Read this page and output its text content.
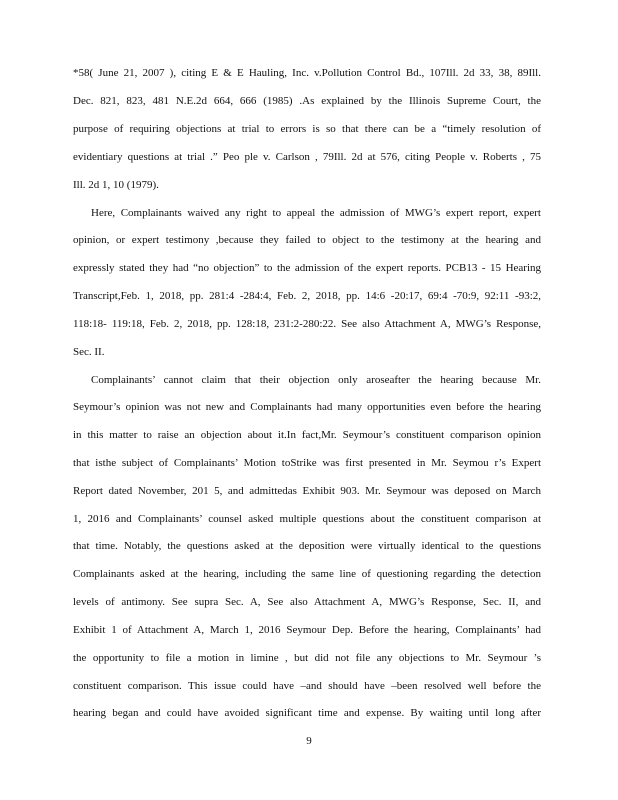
*58( June 21, 2007 ), citing E & E Hauling, Inc. v.Pollution Control Bd., 107Ill. 2d 33, 38, 89Ill.
Dec. 821, 823, 481 N.E.2d 664, 666 (1985) .As explained by the Illinois Supreme Court, the
purpose of requiring objections at trial to errors is so that there can be a “timely resolution of
evidentiary questions at trial .” Peo ple v. Carlson , 79Ill. 2d at 576, citing People v. Roberts , 75
Ill. 2d 1, 10 (1979).
Here, Complainants waived any right to appeal the admission of MWG’s expert report, expert
opinion, or expert testimony ,because they failed to object to the testimony at the hearing and
expressly stated they had “no objection” to the admission of the expert reports. PCB13 - 15 Hearing
Transcript,Feb. 1, 2018, pp. 281:4 -284:4, Feb. 2, 2018, pp. 14:6 -20:17, 69:4 -70:9, 92:11 -93:2,
118:18- 119:18, Feb. 2, 2018, pp. 128:18, 231:2-280:22. See also Attachment A, MWG’s Response,
Sec. II.
Complainants’ cannot claim that their objection only aroseafter the hearing because Mr.
Seymour’s opinion was not new and Complainants had many opportunities even before the hearing
in this matter to raise an objection about it.In fact,Mr. Seymour’s constituent comparison opinion
that isthe subject of Complainants’ Motion toStrike was first presented in Mr. Seymou r’s Expert
Report dated November, 201 5, and admittedas Exhibit 903. Mr. Seymour was deposed on March
1, 2016 and Complainants’ counsel asked multiple questions about the constituent comparison at
that time. Notably, the questions asked at the deposition were virtually identical to the questions
Complainants asked at the hearing, including the same line of questioning regarding the detection
levels of antimony. See supra Sec. A, See also Attachment A, MWG’s Response, Sec. II, and
Exhibit 1 of Attachment A, March 1, 2016 Seymour Dep. Before the hearing, Complainants’ had
the opportunity to file a motion in limine , but did not file any objections to Mr. Seymour ’s
constituent comparison. This issue could have –and should have –been resolved well before the
hearing began and could have avoided significant time and expense. By waiting until long after
9
